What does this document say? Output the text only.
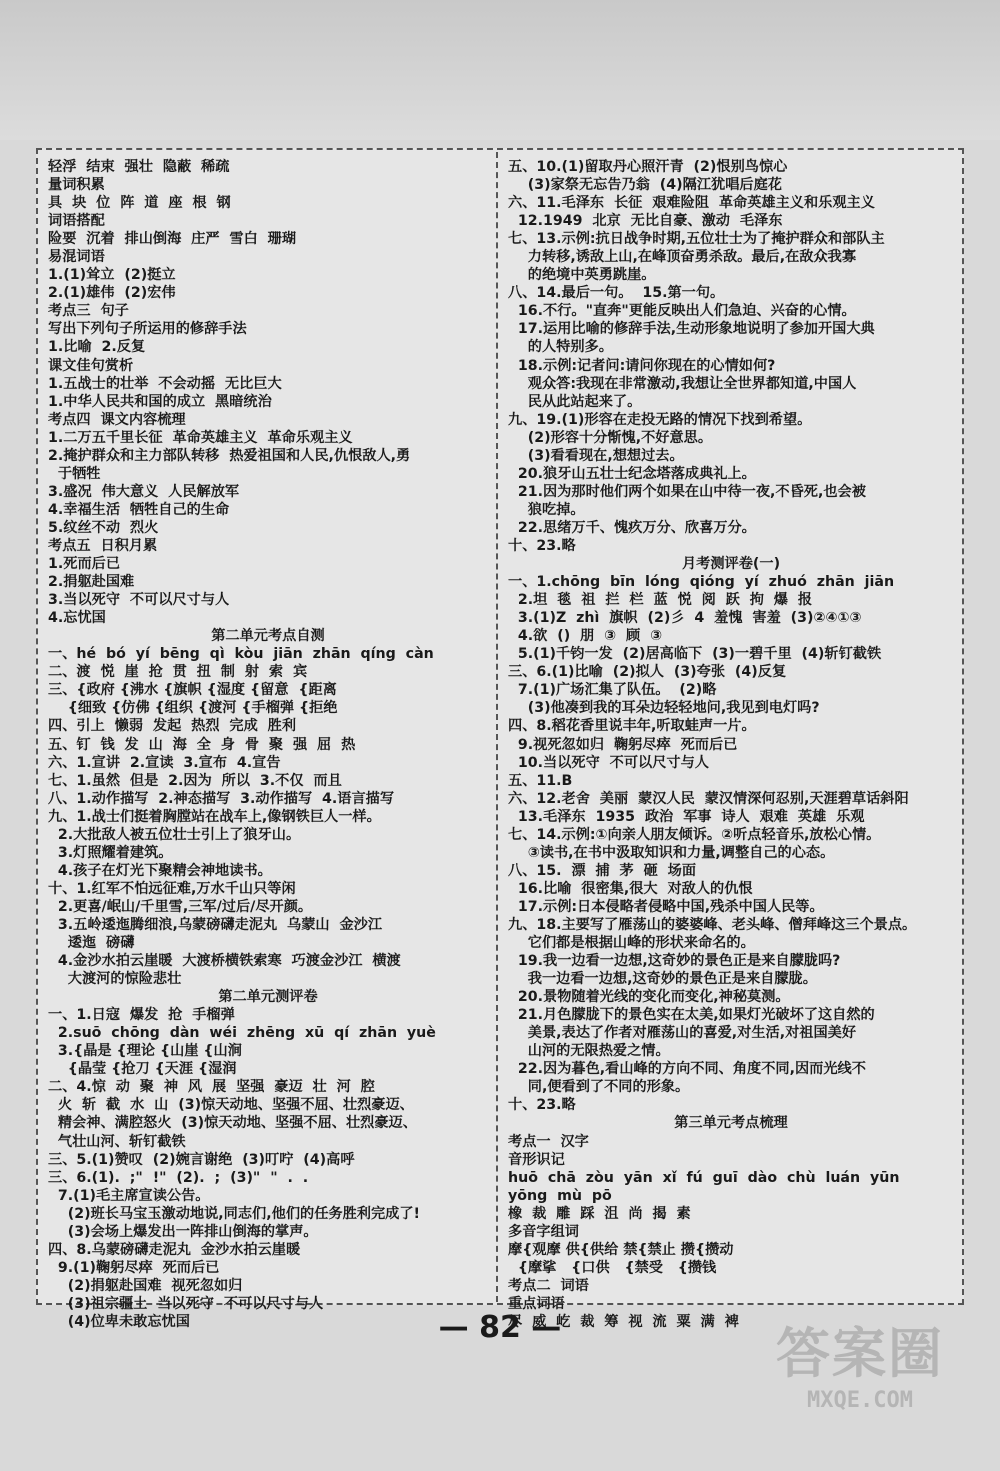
轻浮  结束  强壮  隐蔽  稀疏
量词积累
具  块  位  阵  道  座  根  钢
词语搭配
险要  沉着  排山倒海  庄严  雪白  珊瑚
易混词语
1.(1)耸立  (2)挺立
2.(1)雄伟  (2)宏伟
考点三  句子
写出下列句子所运用的修辞手法
1.比喻  2.反复
课文佳句赏析
1.五战士的壮举  不会动摇  无比巨大
1.中华人民共和国的成立  黑暗统治
考点四  课文内容梳理
1.二万五千里长征  革命英雄主义  革命乐观主义
2.掩护群众和主力部队转移  热爱祖国和人民,仇恨敌人,勇
于牺牲
3.盛况  伟大意义  人民解放军
4.幸福生活  牺牲自己的生命
5.纹丝不动  烈火
考点五  日积月累
1.死而后已
2.捐躯赴国难
3.当以死守  不可以尺寸与人
4.忘忧国
第二单元考点自测
一、hé  bó  yí  bēng  qì  kòu  jiān  zhān  qíng  càn
二、渡  悦  崖  抢  贯  扭  制  射  索  宾
三、{政府 {沸水 {旗帜 {湿度 {留意  {距离
{细致 {仿佛 {组织 {渡河 {手榴弹 {拒绝
四、引上  懒弱  发起  热烈  完成  胜利
五、钉  钱  发  山  海  全  身  骨  聚  强  屈  热
六、1.宣讲  2.宣读  3.宣布  4.宣告
七、1.虽然  但是  2.因为  所以  3.不仅  而且
八、1.动作描写  2.神态描写  3.动作描写  4.语言描写
九、1.战士们挺着胸膛站在战车上,像钢铁巨人一样。
2.大批敌人被五位壮士引上了狼牙山。
3.灯照耀着建筑。
4.孩子在灯光下聚精会神地读书。
十、1.红军不怕远征难,万水千山只等闲
2.更喜/岷山/千里雪,三军/过后/尽开颜。
3.五岭逶迤腾细浪,乌蒙磅礴走泥丸  乌蒙山  金沙江
逶迤  磅礴
4.金沙水拍云崖暖  大渡桥横铁索寒  巧渡金沙江  横渡
大渡河的惊险悲壮
第二单元测评卷
一、1.日寇  爆发  抢  手榴弹
2.suō  chōng  dàn  wéi  zhēng  xū  qí  zhān  yuè
3.{晶是 {理论 {山崖 {山涧
{晶莹 {抢刀 {天涯 {湿润
二、4.惊  动  聚  神  风  展  坚强  豪迈  壮  河  腔
火  斩  截  水  山  (3)惊天动地、坚强不屈、壮烈豪迈、
精会神、满腔怒火  (3)惊天动地、坚强不屈、壮烈豪迈、
气壮山河、斩钉截铁
三、5.(1)赞叹  (2)婉言谢绝  (3)叮咛  (4)高呼
三、6.(1).  ;"  !"  (2).  ;  (3)"  "  .  .
7.(1)毛主席宣读公告。
(2)班长马宝玉激动地说,同志们,他们的任务胜利完成了!
(3)会场上爆发出一阵排山倒海的掌声。
四、8.乌蒙磅礴走泥丸  金沙水拍云崖暖
9.(1)鞠躬尽瘁  死而后已
(2)捐躯赴国难  视死忽如归
(3)祖宗疆土  当以死守  不可以尺寸与人
(4)位卑未敢忘忧国
五、10.(1)留取丹心照汗青  (2)恨别鸟惊心
(3)家祭无忘告乃翁  (4)隔江犹唱后庭花
六、11.毛泽东  长征  艰难险阻  革命英雄主义和乐观主义
12.1949  北京  无比自豪、激动  毛泽东
七、13.示例:抗日战争时期,五位壮士为了掩护群众和部队主
力转移,诱敌上山,在峰顶奋勇杀敌。最后,在敌众我寡
的绝境中英勇跳崖。
八、14.最后一句。  15.第一句。
16.不行。"直奔"更能反映出人们急迫、兴奋的心情。
17.运用比喻的修辞手法,生动形象地说明了参加开国大典
的人特别多。
18.示例:记者问:请问你现在的心情如何?
观众答:我现在非常激动,我想让全世界都知道,中国人
民从此站起来了。
九、19.(1)形容在走投无路的情况下找到希望。
(2)形容十分惭愧,不好意思。
(3)看看现在,想想过去。
20.狼牙山五壮士纪念塔落成典礼上。
21.因为那时他们两个如果在山中待一夜,不昏死,也会被
狼吃掉。
22.思绪万千、愧疚万分、欣喜万分。
十、23.略
月考测评卷(一)
一、1.chōng  bīn  lóng  qióng  yí  zhuó  zhān  jiān
2.坦  毯  祖  拦  栏  蓝  悦  阅  跃  拘  爆  报
3.(1)Z  zhì  旗帜  (2)彡  4  羞愧  害羞  (3)②④①③
4.欲  ()  朋  ③  顾  ③
5.(1)千钧一发  (2)居高临下  (3)一碧千里  (4)斩钉截铁
三、6.(1)比喻  (2)拟人  (3)夸张  (4)反复
7.(1)广场汇集了队伍。  (2)略
(3)他凑到我的耳朵边轻轻地问,我见到电灯吗?
四、8.稻花香里说丰年,听取蛙声一片。
9.视死忽如归  鞠躬尽瘁  死而后已
10.当以死守  不可以尺寸与人
五、11.B
六、12.老舍  美丽  蒙汉人民  蒙汉情深何忍别,天涯碧草话斜阳
13.毛泽东  1935  政治  军事  诗人  艰难  英雄  乐观
七、14.示例:①向亲人朋友倾诉。②听点轻音乐,放松心情。
③读书,在书中汲取知识和力量,调整自己的心态。
八、15.  漂  捕  茅  砸  场面
16.比喻  很密集,很大  对敌人的仇恨
17.示例:日本侵略者侵略中国,残杀中国人民等。
九、18.主要写了雁荡山的婆婆峰、老头峰、僧拜峰这三个景点。
它们都是根据山峰的形状来命名的。
19.我一边看一边想,这奇妙的景色正是来自朦胧吗?
我一边看一边想,这奇妙的景色正是来自朦胧。
20.景物随着光线的变化而变化,神秘莫测。
21.月色朦胧下的景色实在太美,如果灯光破坏了这自然的
美景,表达了作者对雁荡山的喜爱,对生活,对祖国美好
山河的无限热爱之情。
22.因为暮色,看山峰的方向不同、角度不同,因而光线不
同,便看到了不同的形象。
十、23.略
第三单元考点梳理
考点一  汉字
音形识记
huō  chā  zòu  yān  xǐ  fú  guī  dào  chù  luán  yūn
yōng  mù  pō
橡  裁  雕  踩  沮  尚  揭  素
多音字组词
摩{观摩 供{供给 禁{禁止 攒{攒动
{摩挲   {口供   {禁受   {攒钱
考点二  词语
重点词语
尽  威  屹  裁  筹  视  流  粟  满  裨
— 82 —	答案圈
MXQE.COM
